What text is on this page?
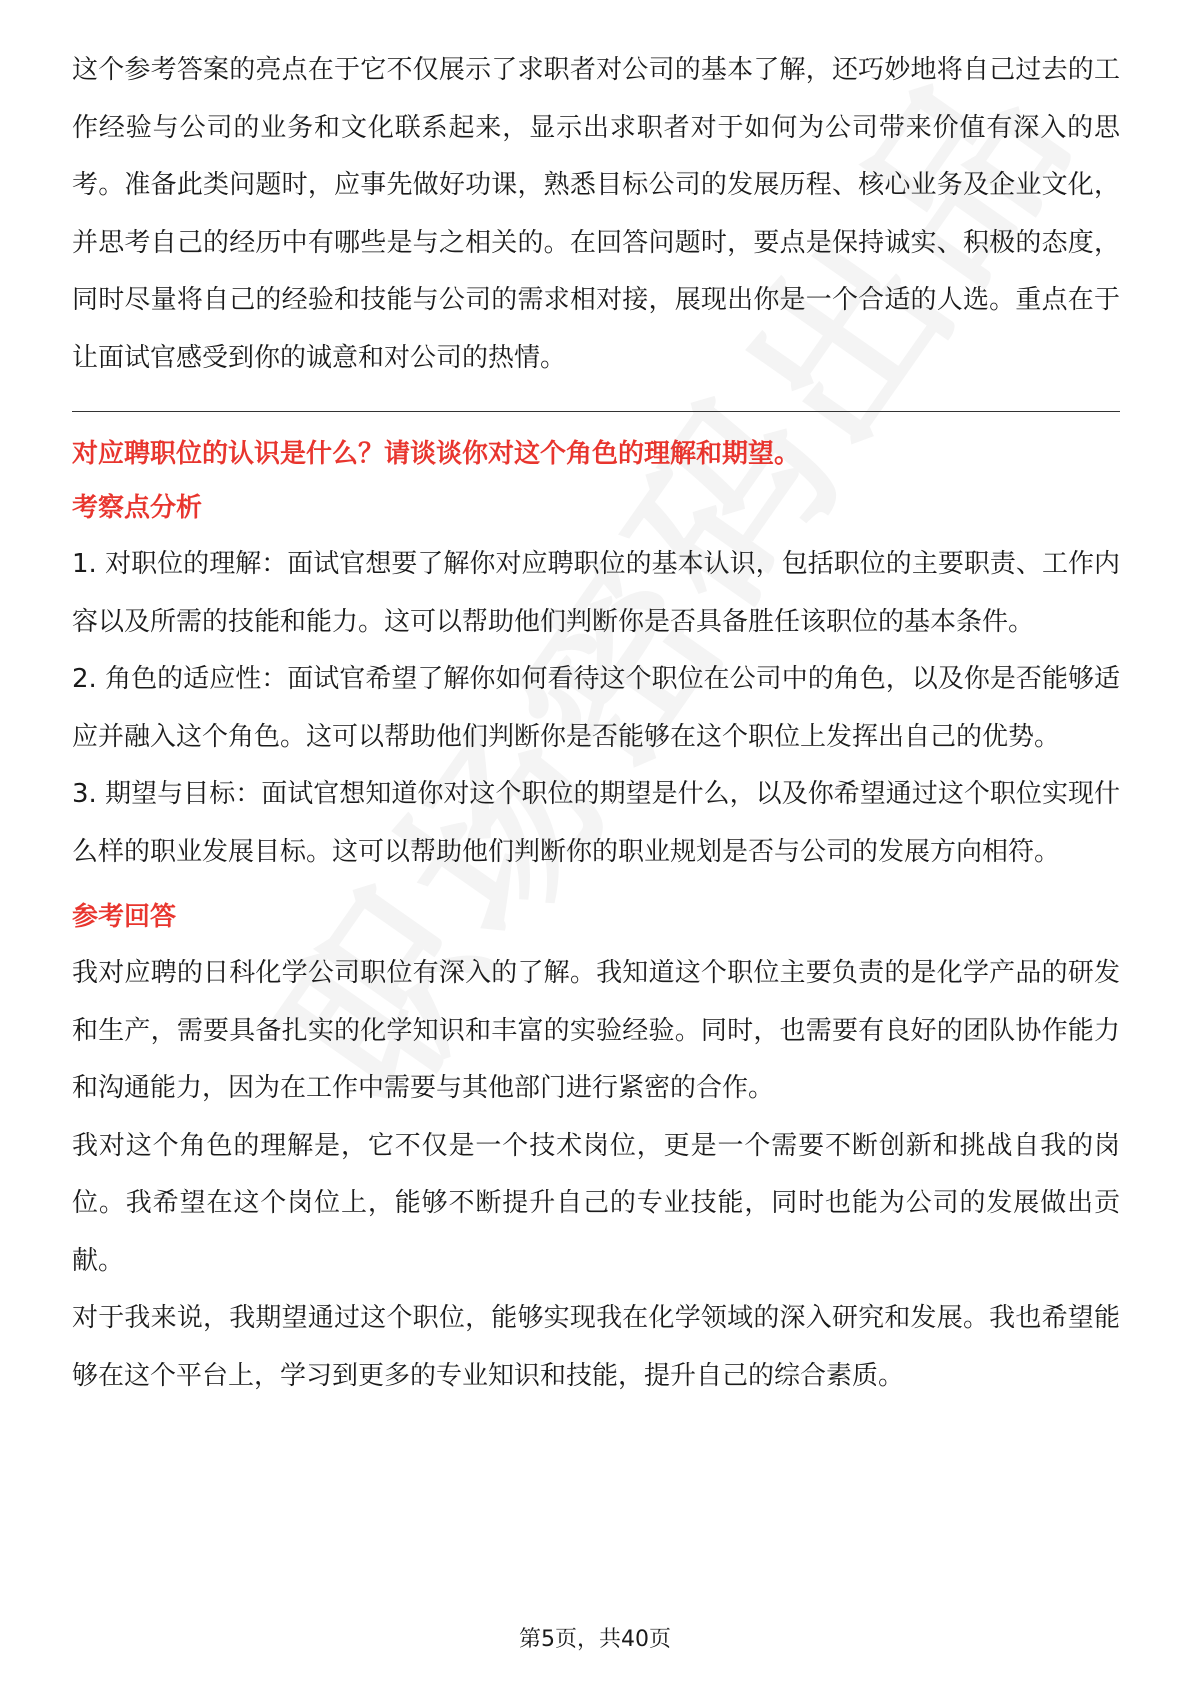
这个参考答案的亮点在于它不仅展示了求职者对公司的基本了解，还巧妙地将自己过去的工作经验与公司的业务和文化联系起来，显示出求职者对于如何为公司带来价值有深入的思考。准备此类问题时，应事先做好功课，熟悉目标公司的发展历程、核心业务及企业文化，并思考自己的经历中有哪些是与之相关的。在回答问题时，要点是保持诚实、积极的态度，同时尽量将自己的经验和技能与公司的需求相对接，展现出你是一个合适的人选。重点在于让面试官感受到你的诚意和对公司的热情。

对应聘职位的认识是什么？请谈谈你对这个角色的理解和期望。

考察点分析

1. 对职位的理解：面试官想要了解你对应聘职位的基本认识，包括职位的主要职责、工作内容以及所需的技能和能力。这可以帮助他们判断你是否具备胜任该职位的基本条件。

2. 角色的适应性：面试官希望了解你如何看待这个职位在公司中的角色，以及你是否能够适应并融入这个角色。这可以帮助他们判断你是否能够在这个职位上发挥出自己的优势。

3. 期望与目标：面试官想知道你对这个职位的期望是什么，以及你希望通过这个职位实现什么样的职业发展目标。这可以帮助他们判断你的职业规划是否与公司的发展方向相符。

参考回答

我对应聘的日科化学公司职位有深入的了解。我知道这个职位主要负责的是化学产品的研发和生产，需要具备扎实的化学知识和丰富的实验经验。同时，也需要有良好的团队协作能力和沟通能力，因为在工作中需要与其他部门进行紧密的合作。

我对这个角色的理解是，它不仅是一个技术岗位，更是一个需要不断创新和挑战自我的岗位。我希望在这个岗位上，能够不断提升自己的专业技能，同时也能为公司的发展做出贡献。

对于我来说，我期望通过这个职位，能够实现我在化学领域的深入研究和发展。我也希望能够在这个平台上，学习到更多的专业知识和技能，提升自己的综合素质。

第5页，共40页
